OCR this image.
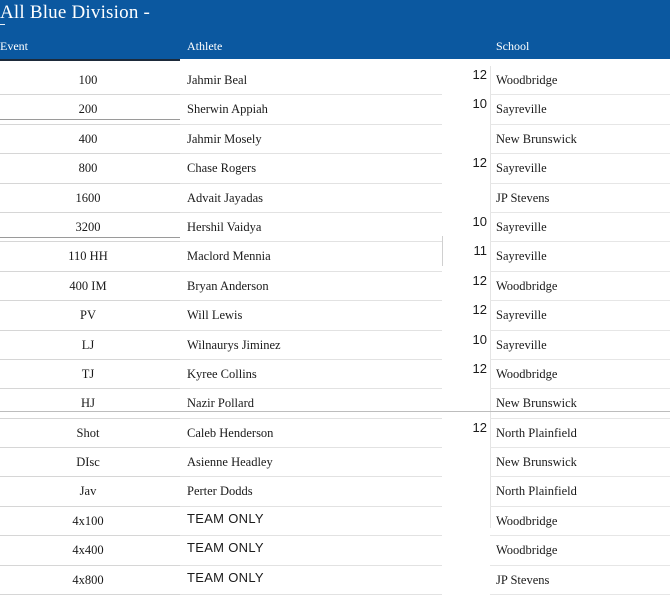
All Blue Division -
Event	Athlete	School
100	Jahmir Beal	12 Woodbridge
200	Sherwin Appiah	10 Sayreville
400	Jahmir Mosely	New Brunswick
800	Chase Rogers	12 Sayreville
1600	Advait Jayadas	JP Stevens
3200	Hershil Vaidya	10 Sayreville
110 HH	Maclord Mennia	11 Sayreville
400 IM	Bryan Anderson	12 Woodbridge
PV	Will Lewis	12 Sayreville
LJ	Wilnaurys Jiminez	10 Sayreville
TJ	Kyree Collins	12 Woodbridge
HJ	Nazir Pollard	New Brunswick
Shot	Caleb Henderson	12 North Plainfield
DIsc	Asienne Headley	New Brunswick
Jav	Perter Dodds	North Plainfield
4x100	TEAM ONLY	Woodbridge
4x400	TEAM ONLY	Woodbridge
4x800	TEAM ONLY	JP Stevens
